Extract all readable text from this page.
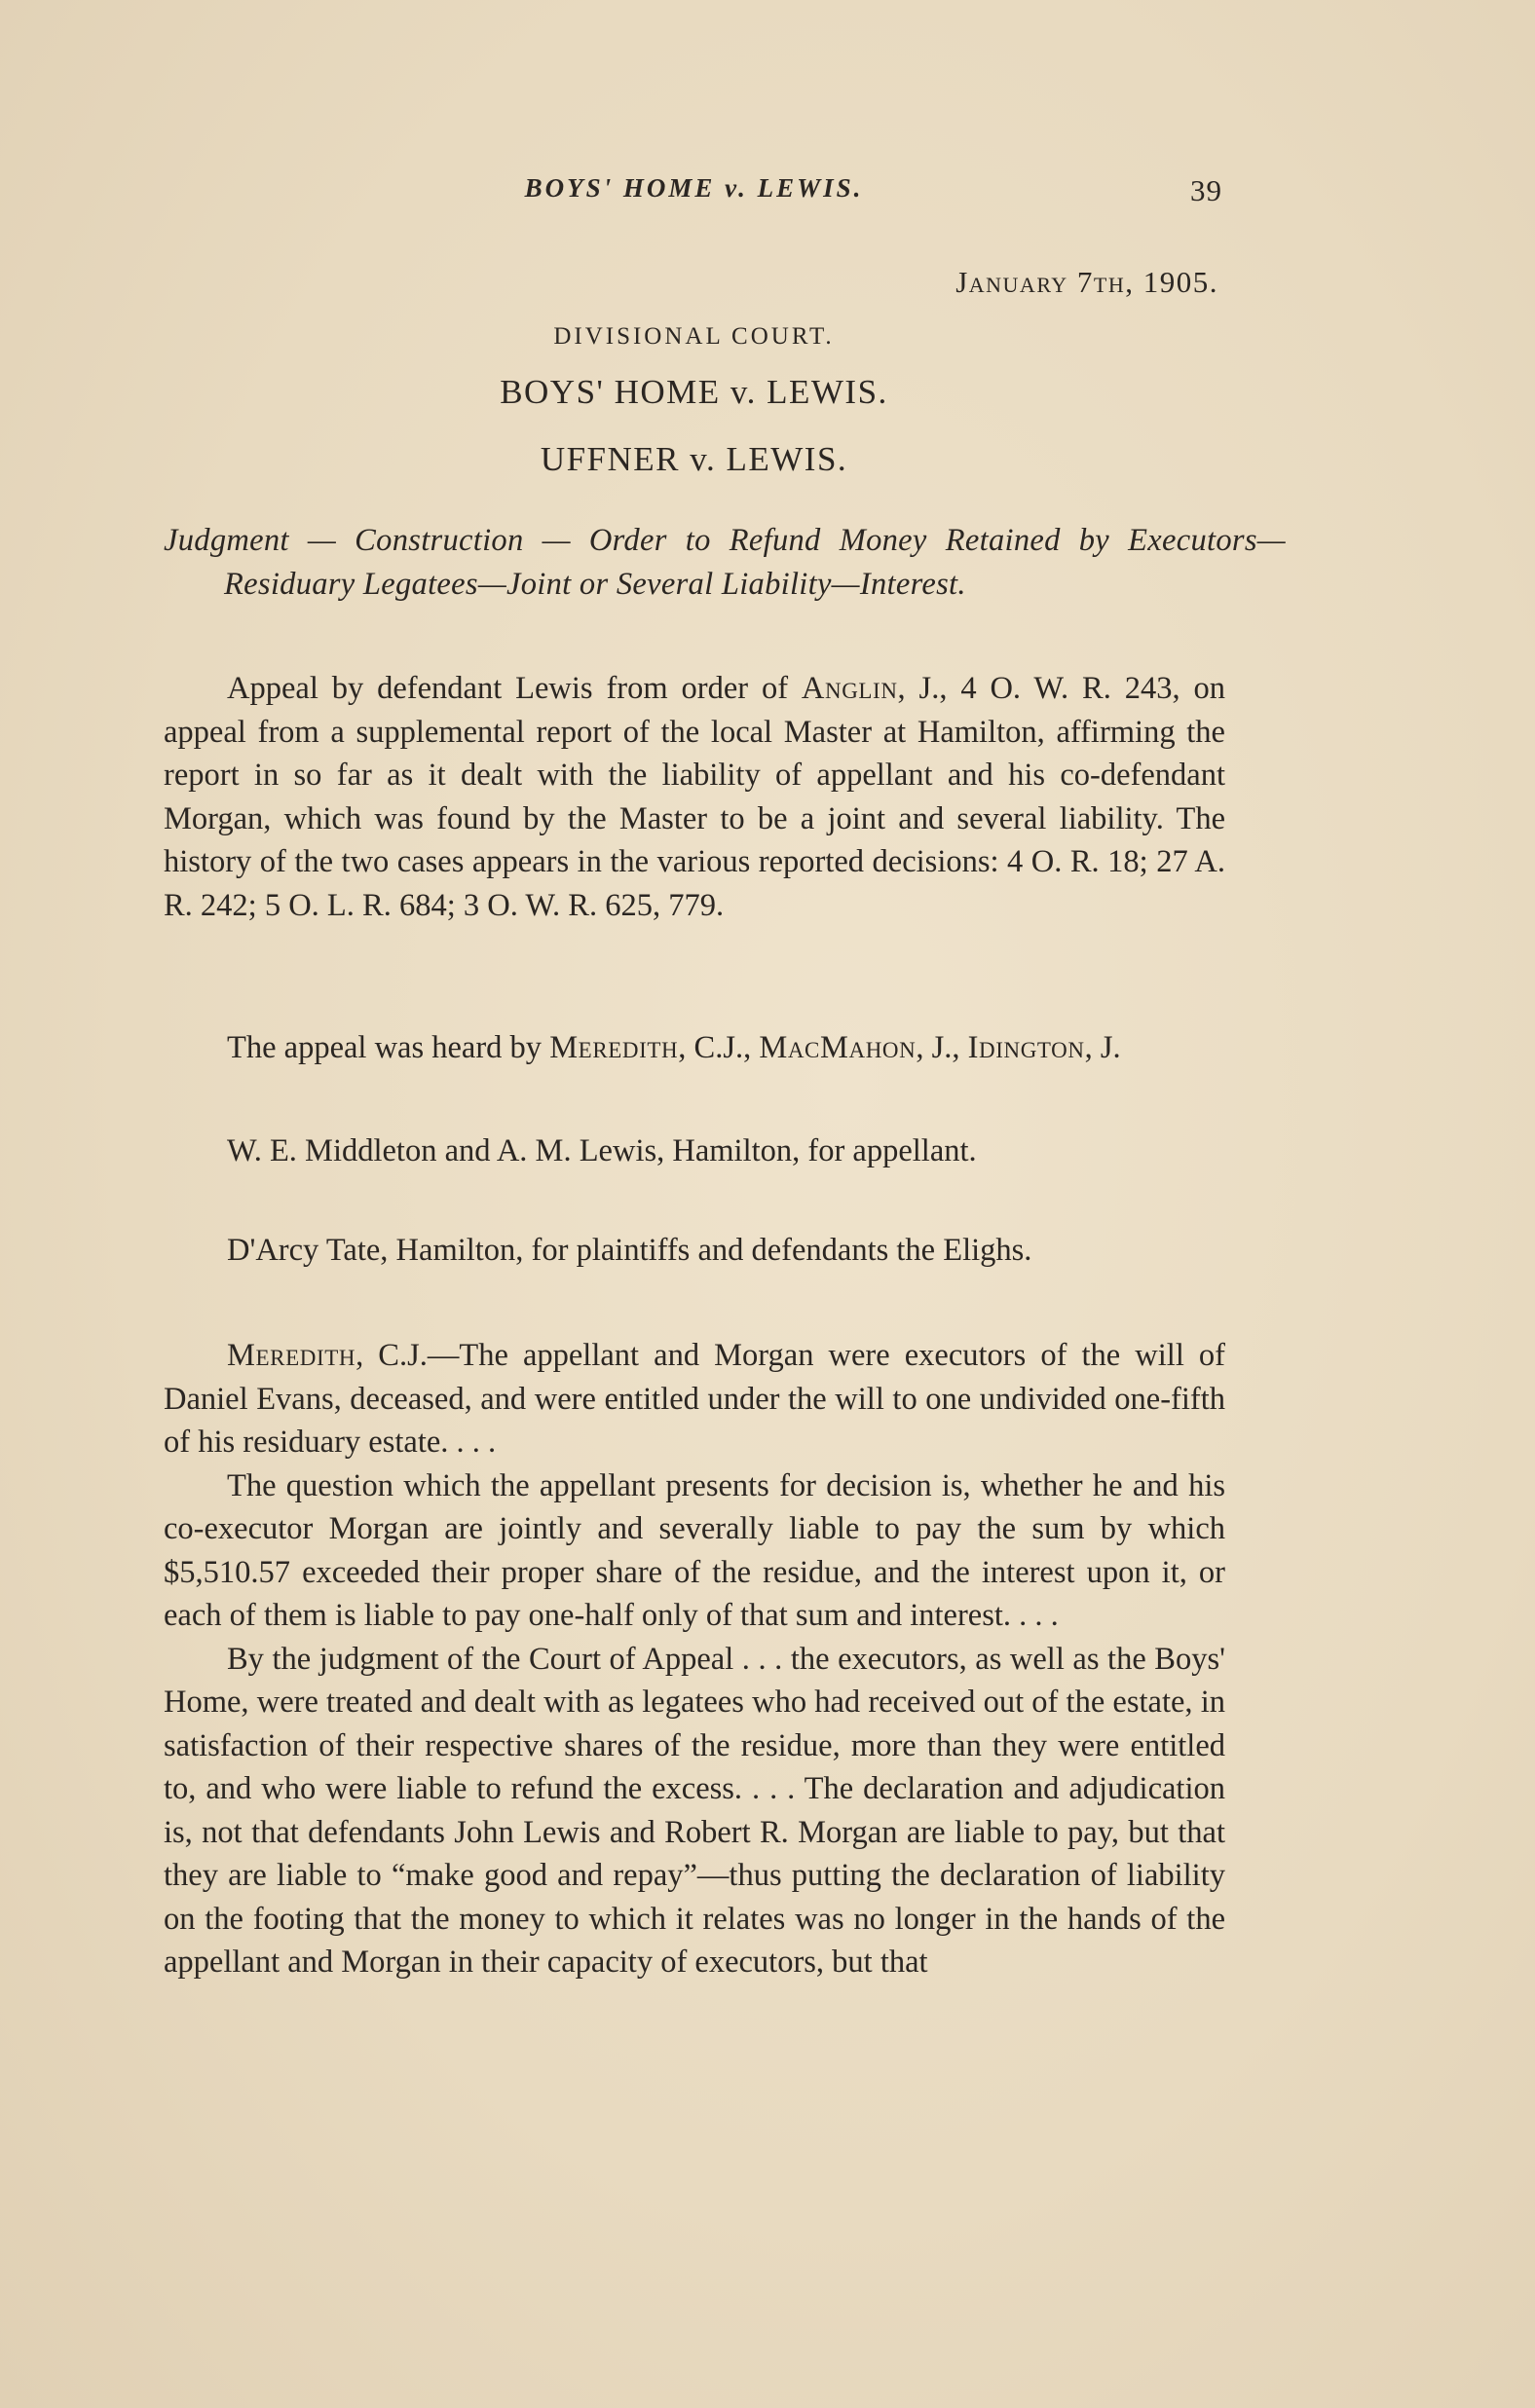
BOYS' HOME v. LEWIS.	39
January 7th, 1905.
DIVISIONAL COURT.
BOYS' HOME v. LEWIS.
UFFNER v. LEWIS.
Judgment — Construction — Order to Refund Money Retained by Executors—Residuary Legatees—Joint or Several Liability—Interest.

Appeal by defendant Lewis from order of Anglin, J., 4 O. W. R. 243, on appeal from a supplemental report of the local Master at Hamilton, affirming the report in so far as it dealt with the liability of appellant and his co-defendant Morgan, which was found by the Master to be a joint and several liability. The history of the two cases appears in the various reported decisions: 4 O. R. 18; 27 A. R. 242; 5 O. L. R. 684; 3 O. W. R. 625, 779.

The appeal was heard by Meredith, C.J., MacMahon, J., Idington, J.

W. E. Middleton and A. M. Lewis, Hamilton, for appellant.

D'Arcy Tate, Hamilton, for plaintiffs and defendants the Elighs.

Meredith, C.J.—The appellant and Morgan were executors of the will of Daniel Evans, deceased, and were entitled under the will to one undivided one-fifth of his residuary estate. . . .

The question which the appellant presents for decision is, whether he and his co-executor Morgan are jointly and severally liable to pay the sum by which $5,510.57 exceeded their proper share of the residue, and the interest upon it, or each of them is liable to pay one-half only of that sum and interest. . . .

By the judgment of the Court of Appeal . . . the executors, as well as the Boys' Home, were treated and dealt with as legatees who had received out of the estate, in satisfaction of their respective shares of the residue, more than they were entitled to, and who were liable to refund the excess. . . . The declaration and adjudication is, not that defendants John Lewis and Robert R. Morgan are liable to pay, but that they are liable to “make good and repay”—thus putting the declaration of liability on the footing that the money to which it relates was no longer in the hands of the appellant and Morgan in their capacity of executors, but that
